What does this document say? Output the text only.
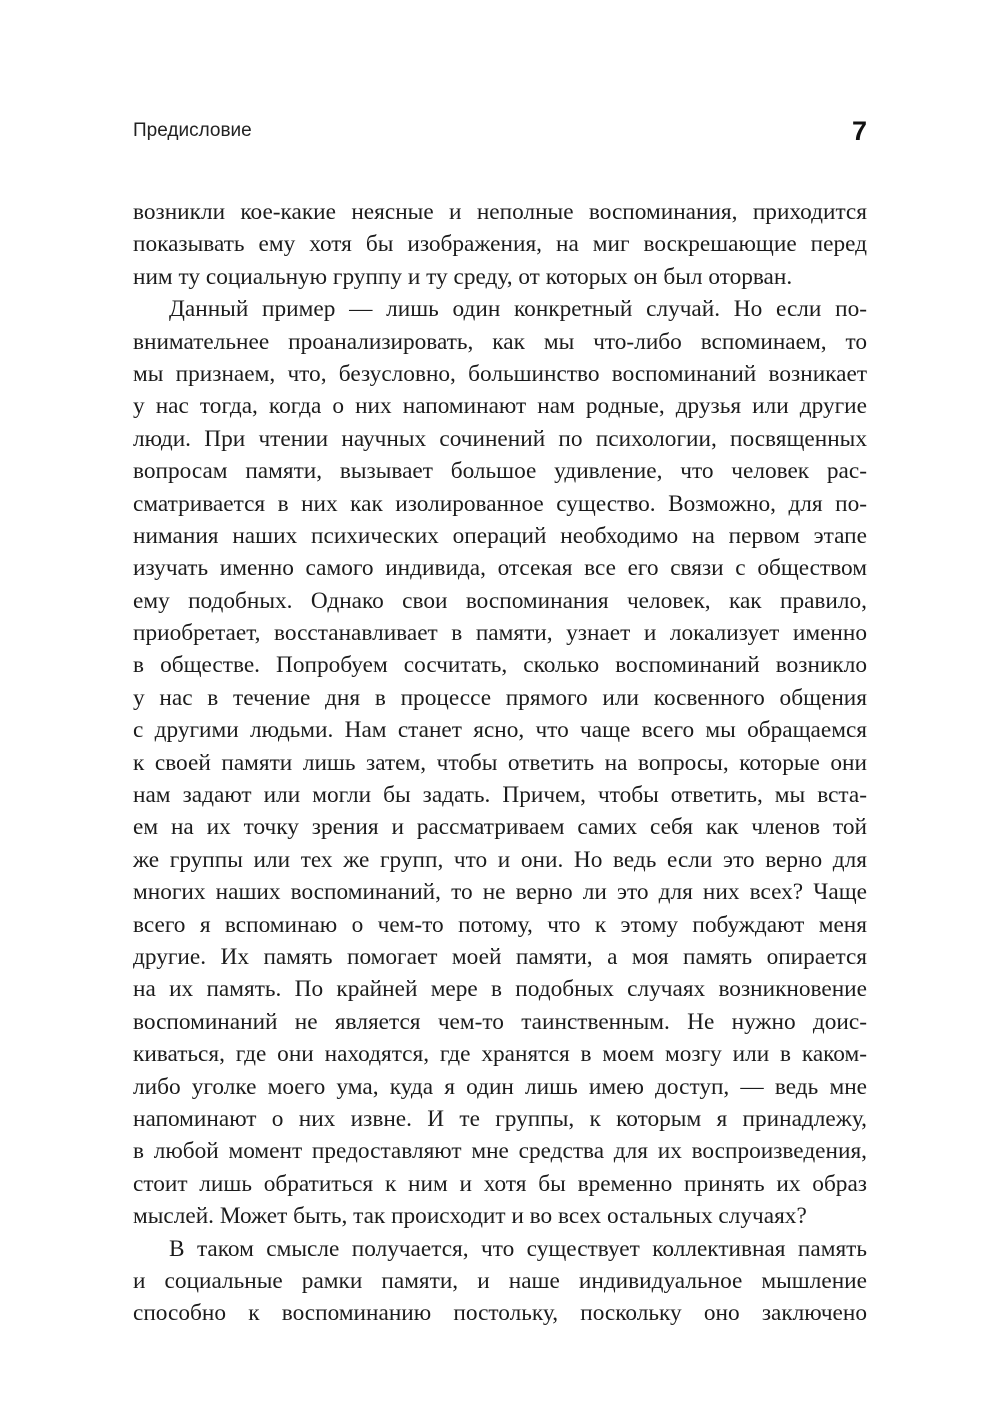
Предисловие	7
возникли кое-какие неясные и неполные воспоминания, приходится
показывать ему хотя бы изображения, на миг воскрешающие перед
ним ту социальную группу и ту среду, от которых он был оторван.
Данный пример — лишь один конкретный случай. Но если по-
внимательнее проанализировать, как мы что-либо вспоминаем, то
мы признаем, что, безусловно, большинство воспоминаний возникает
у нас тогда, когда о них напоминают нам родные, друзья или другие
люди. При чтении научных сочинений по психологии, посвященных
вопросам памяти, вызывает большое удивление, что человек рас-
сматривается в них как изолированное существо. Возможно, для по-
нимания наших психических операций необходимо на первом этапе
изучать именно самого индивида, отсекая все его связи с обществом
ему подобных. Однако свои воспоминания человек, как правило,
приобретает, восстанавливает в памяти, узнает и локализует именно
в обществе. Попробуем сосчитать, сколько воспоминаний возникло
у нас в течение дня в процессе прямого или косвенного общения
с другими людьми. Нам станет ясно, что чаще всего мы обращаемся
к своей памяти лишь затем, чтобы ответить на вопросы, которые они
нам задают или могли бы задать. Причем, чтобы ответить, мы вста-
ем на их точку зрения и рассматриваем самих себя как членов той
же группы или тех же групп, что и они. Но ведь если это верно для
многих наших воспоминаний, то не верно ли это для них всех? Чаще
всего я вспоминаю о чем-то потому, что к этому побуждают меня
другие. Их память помогает моей памяти, а моя память опирается
на их память. По крайней мере в подобных случаях возникновение
воспоминаний не является чем-то таинственным. Не нужно доис-
киваться, где они находятся, где хранятся в моем мозгу или в каком-
либо уголке моего ума, куда я один лишь имею доступ, — ведь мне
напоминают о них извне. И те группы, к которым я принадлежу,
в любой момент предоставляют мне средства для их воспроизведения,
стоит лишь обратиться к ним и хотя бы временно принять их образ
мыслей. Может быть, так происходит и во всех остальных случаях?
В таком смысле получается, что существует коллективная память
и социальные рамки памяти, и наше индивидуальное мышление
способно к воспоминанию постольку, поскольку оно заключено
